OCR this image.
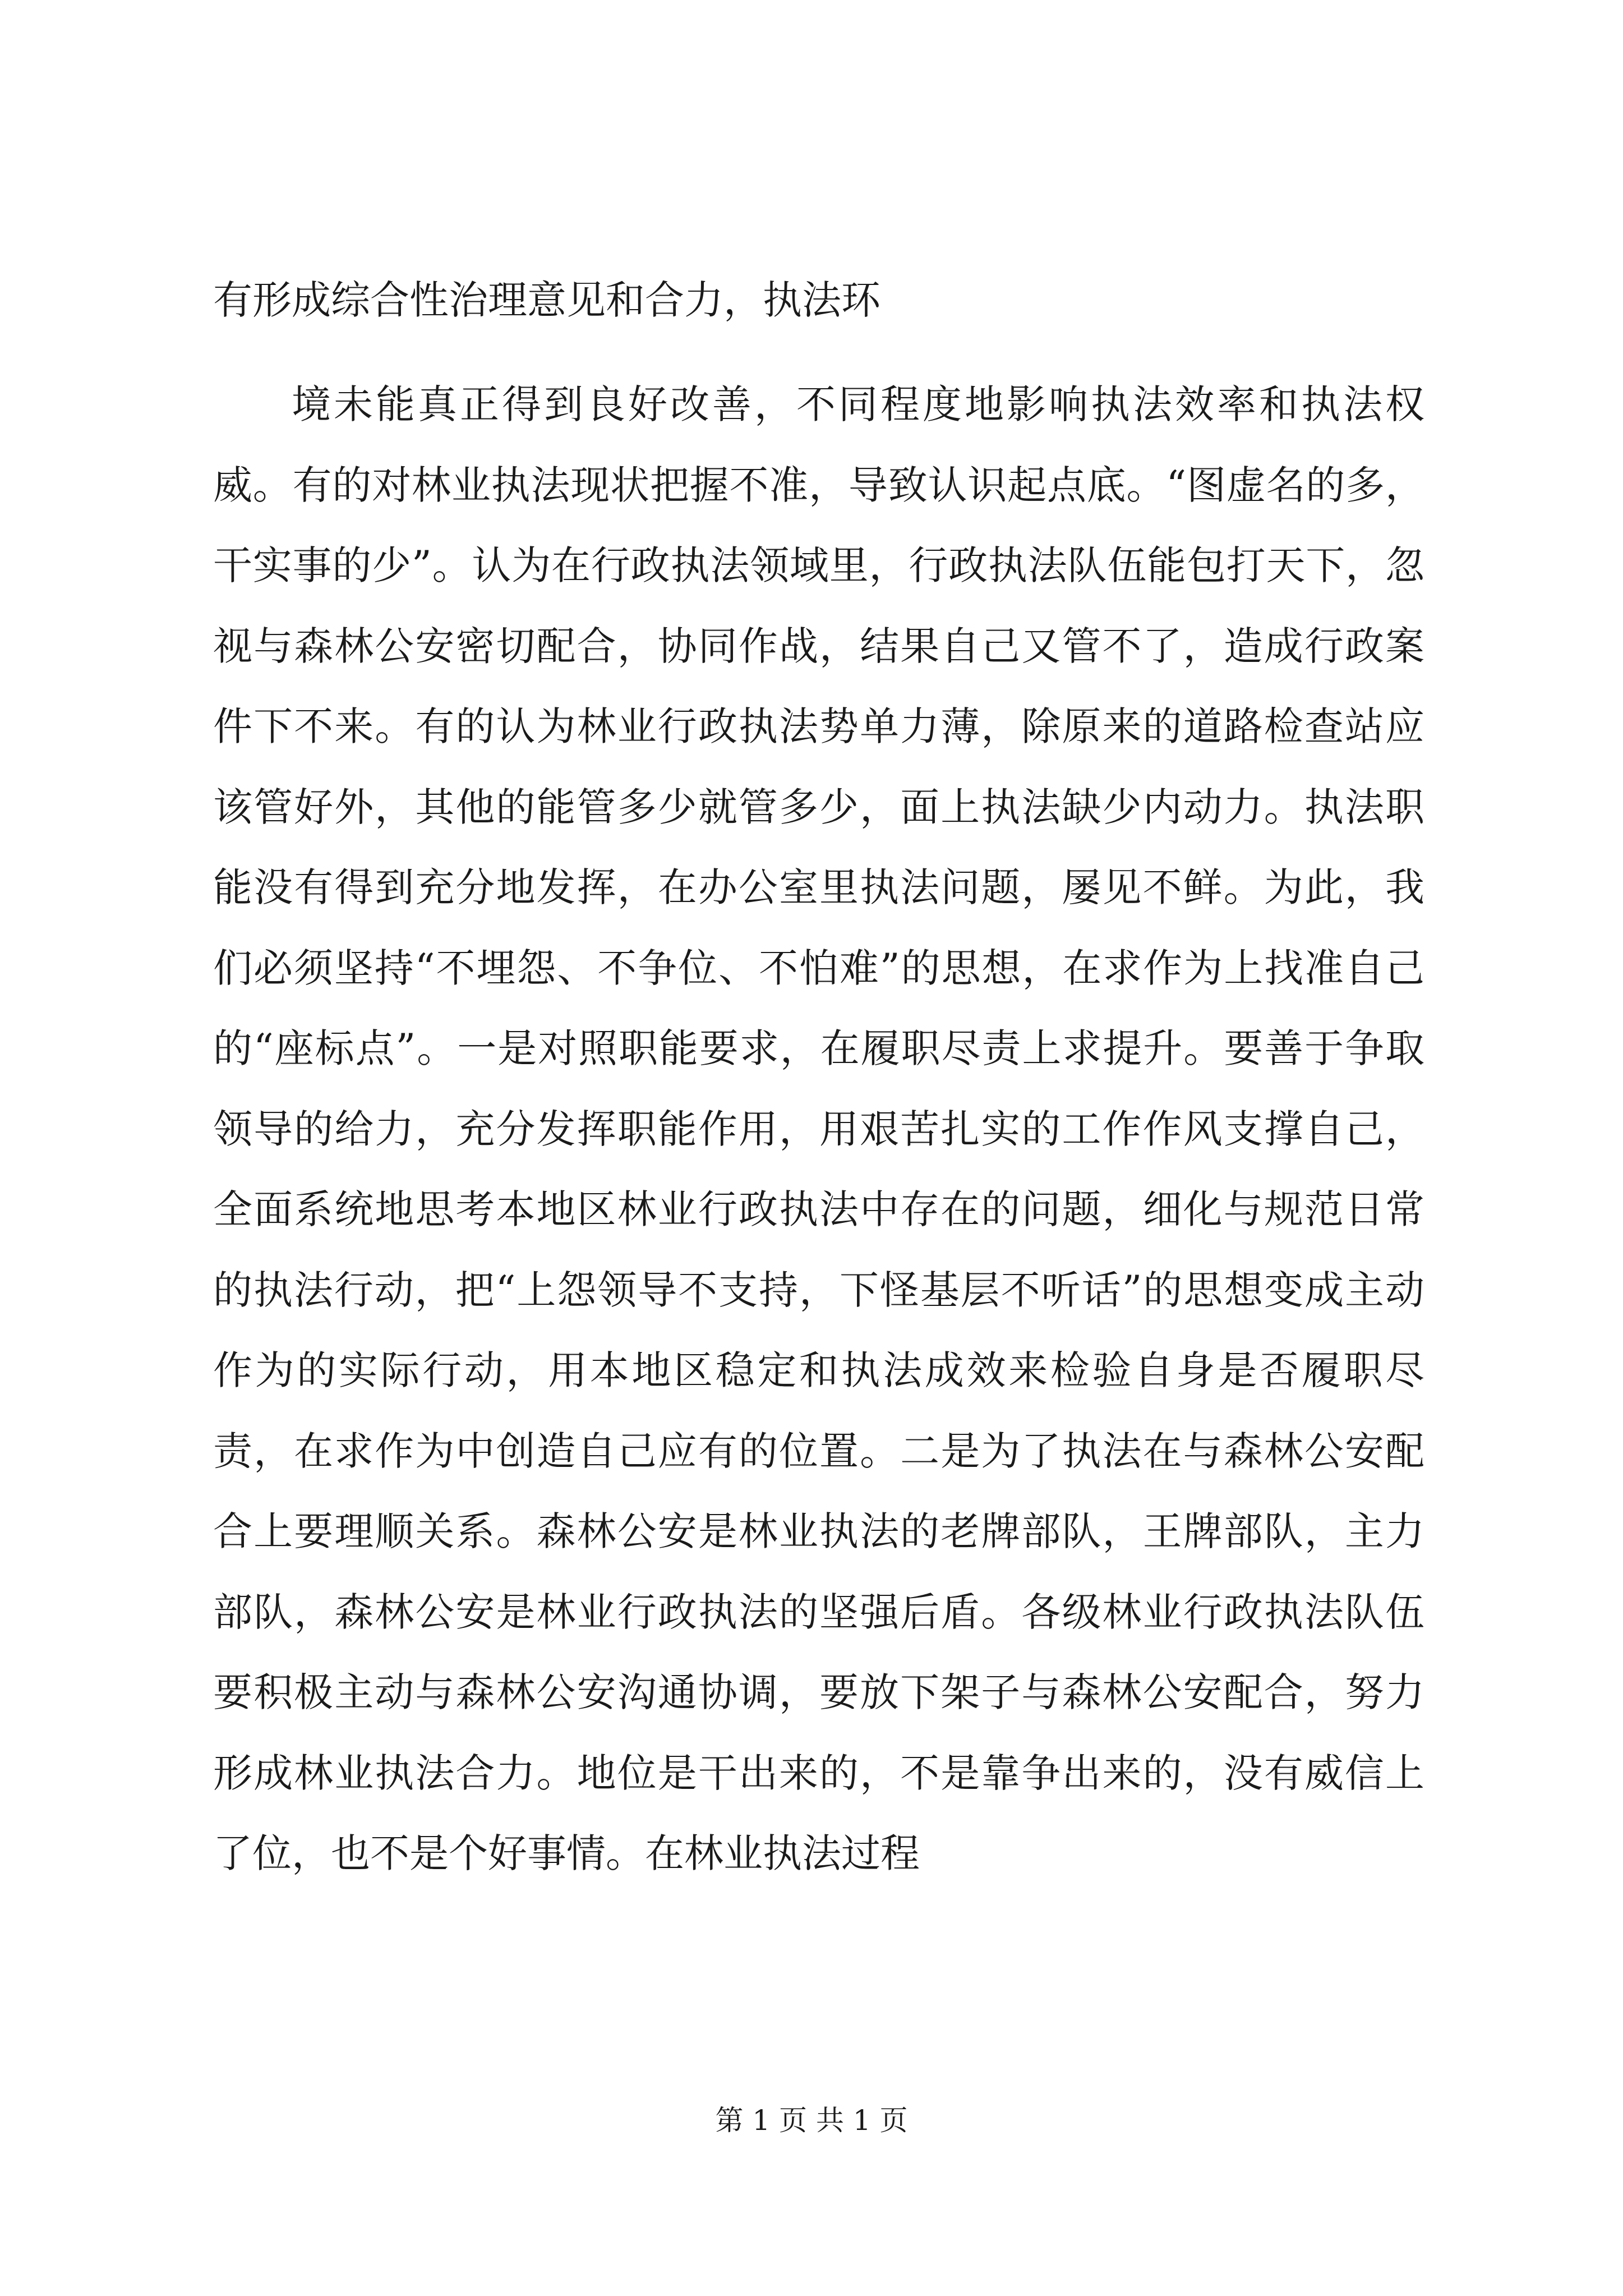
有形成综合性治理意见和合力，执法环

境未能真正得到良好改善，不同程度地影响执法效率和执法权威。有的对林业执法现状把握不准，导致认识起点底。“图虚名的多，干实事的少”。认为在行政执法领域里，行政执法队伍能包打天下，忽视与森林公安密切配合，协同作战，结果自己又管不了，造成行政案件下不来。有的认为林业行政执法势单力薄，除原来的道路检查站应该管好外，其他的能管多少就管多少，面上执法缺少内动力。执法职能没有得到充分地发挥，在办公室里执法问题，屡见不鲜。为此，我们必须坚持“不埋怨、不争位、不怕难”的思想，在求作为上找准自己的“座标点”。一是对照职能要求，在履职尽责上求提升。要善于争取领导的给力，充分发挥职能作用，用艰苦扎实的工作作风支撑自己，全面系统地思考本地区林业行政执法中存在的问题，细化与规范日常的执法行动，把“上怨领导不支持，下怪基层不听话”的思想变成主动作为的实际行动，用本地区稳定和执法成效来检验自身是否履职尽责，在求作为中创造自己应有的位置。二是为了执法在与森林公安配合上要理顺关系。森林公安是林业执法的老牌部队，王牌部队，主力部队，森林公安是林业行政执法的坚强后盾。各级林业行政执法队伍要积极主动与森林公安沟通协调，要放下架子与森林公安配合，努力形成林业执法合力。地位是干出来的，不是靠争出来的，没有威信上了位，也不是个好事情。在林业执法过程

第 1 页 共 1 页
